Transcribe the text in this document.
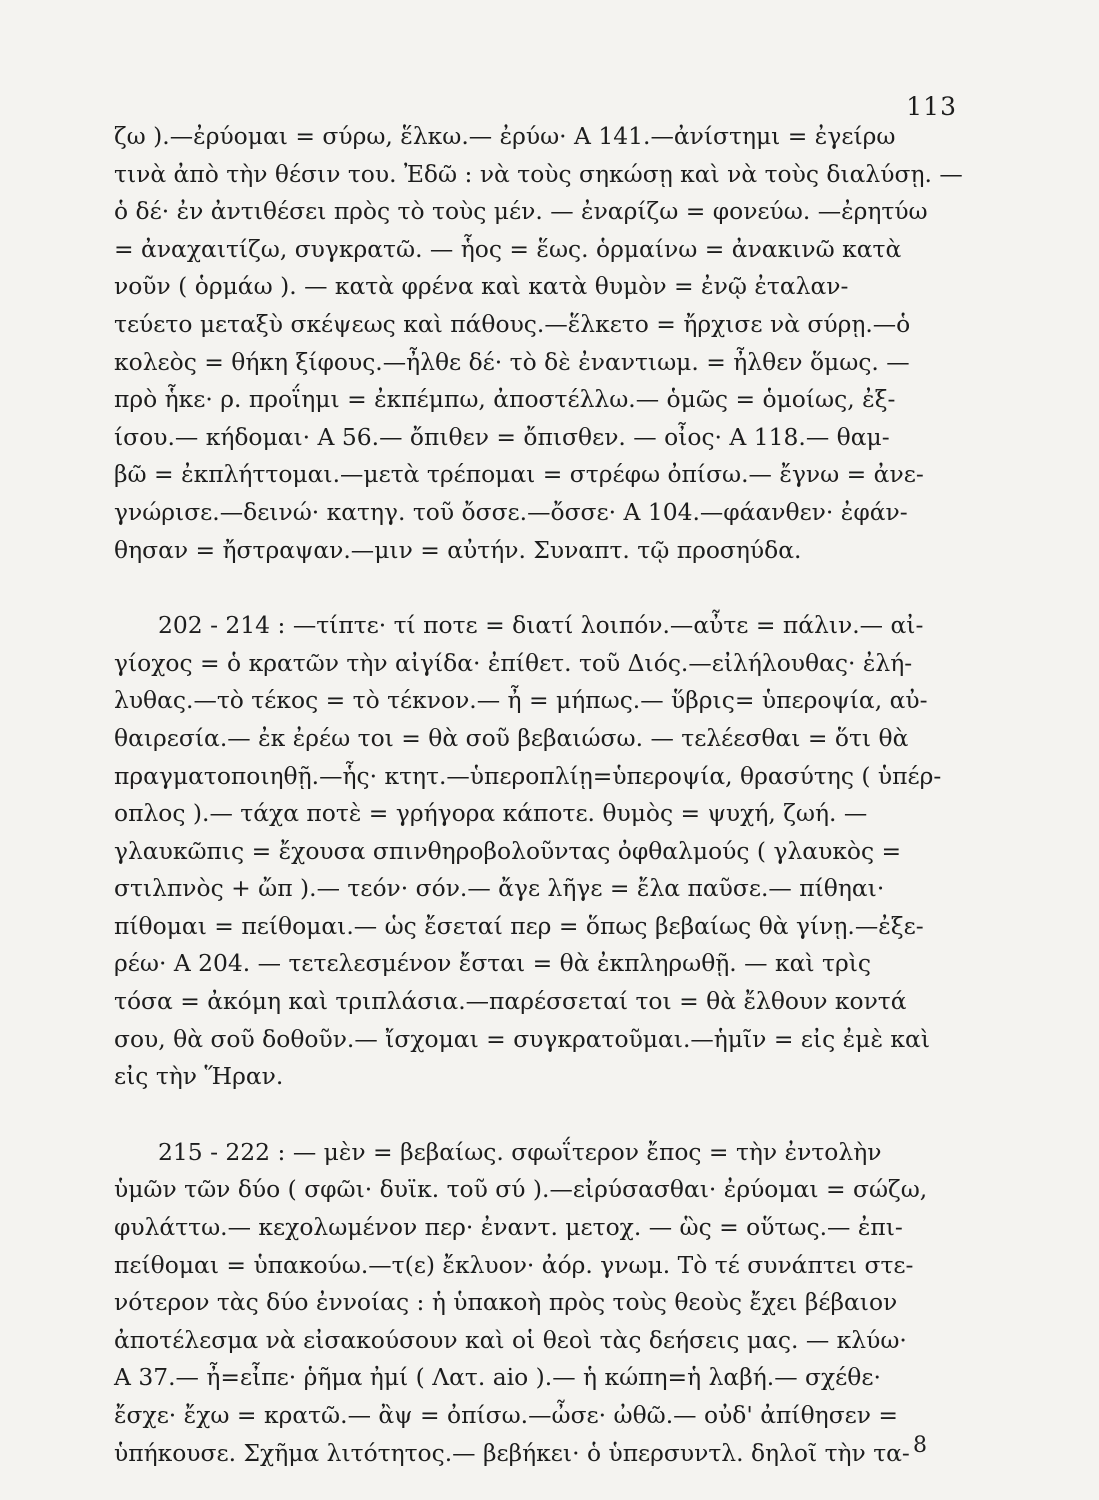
113

ζω ).—ἐρύομαι = σύρω, ἕλκω.— ἐρύω· Α 141.—ἀνίστημι = ἐγείρω
τινὰ ἀπὸ τὴν θέσιν του. Ἐδῶ : νὰ τοὺς σηκώσῃ καὶ νὰ τοὺς διαλύσῃ. —
ὁ δέ· ἐν ἀντιθέσει πρὸς τὸ τοὺς μέν. — ἐναρίζω = φονεύω. —ἐρητύω
= ἀναχαιτίζω, συγκρατῶ. — ἧος = ἕως. ὁρμαίνω = ἀνακινῶ κατὰ
νοῦν ( ὁρμάω ). — κατὰ φρένα καὶ κατὰ θυμὸν = ἐνῷ ἐταλαν-
τεύετο μεταξὺ σκέψεως καὶ πάθους.—ἕλκετο = ἤρχισε νὰ σύρῃ.—ὁ
κολεὸς = θήκη ξίφους.—ἦλθε δέ· τὸ δὲ ἐναντιωμ. = ἦλθεν ὅμως. —
πρὸ ἧκε· ρ. προΐημι = ἐκπέμπω, ἀποστέλλω.— ὁμῶς = ὁμοίως, ἐξ-
ίσου.— κήδομαι· Α 56.— ὄπιθεν = ὄπισθεν. — οἶος· Α 118.— θαμ-
βῶ = ἐκπλήττομαι.—μετὰ τρέπομαι = στρέφω ὀπίσω.— ἔγνω = ἀνε-
γνώρισε.—δεινώ· κατηγ. τοῦ ὄσσε.—ὄσσε· Α 104.—φάανθεν· ἐφάν-
θησαν = ἤστραψαν.—μιν = αὐτήν. Συναπτ. τῷ προσηύδα.

202 - 214 : —τίπτε· τί ποτε = διατί λοιπόν.—αὖτε = πάλιν.— αἰ-
γίοχος = ὁ κρατῶν τὴν αἰγίδα· ἐπίθετ. τοῦ Διός.—εἰλήλουθας· ἐλή-
λυθας.—τὸ τέκος = τὸ τέκνον.— ἦ = μήπως.— ὕβρις= ὑπεροψία, αὐ-
θαιρεσία.— ἐκ ἐρέω τοι = θὰ σοῦ βεβαιώσω. — τελέεσθαι = ὅτι θὰ
πραγματοποιηθῇ.—ἧς· κτητ.—ὑπεροπλίῃ=ὑπεροψία, θρασύτης ( ὑπέρ-
οπλος ).— τάχα ποτὲ = γρήγορα κάποτε. θυμὸς = ψυχή, ζωή. —
γλαυκῶπις = ἔχουσα σπινθηροβολοῦντας ὀφθαλμούς ( γλαυκὸς =
στιλπνὸς + ὤπ ).— τεόν· σόν.— ἄγε λῆγε = ἔλα παῦσε.— πίθηαι·
πίθομαι = πείθομαι.— ὡς ἔσεταί περ = ὅπως βεβαίως θὰ γίνῃ.—ἐξε-
ρέω· Α 204. — τετελεσμένον ἔσται = θὰ ἐκπληρωθῇ. — καὶ τρὶς
τόσα = ἀκόμη καὶ τριπλάσια.—παρέσσεταί τοι = θὰ ἔλθουν κοντά
σου, θὰ σοῦ δοθοῦν.— ἴσχομαι = συγκρατοῦμαι.—ἡμῖν = εἰς ἐμὲ καὶ
εἰς τὴν Ἥραν.

215 - 222 : — μὲν = βεβαίως. σφωΐτερον ἔπος = τὴν ἐντολὴν
ὑμῶν τῶν δύο ( σφῶι· δυϊκ. τοῦ σύ ).—εἰρύσασθαι· ἐρύομαι = σώζω,
φυλάττω.— κεχολωμένον περ· ἐναντ. μετοχ. — ὣς = οὕτως.— ἐπι-
πείθομαι = ὑπακούω.—τ(ε) ἔκλυον· ἀόρ. γνωμ. Τὸ τέ συνάπτει στε-
νότερον τὰς δύο ἐννοίας : ἡ ὑπακοὴ πρὸς τοὺς θεοὺς ἔχει βέβαιον
ἀποτέλεσμα νὰ εἰσακούσουν καὶ οἱ θεοὶ τὰς δεήσεις μας. — κλύω·
Α 37.— ἦ=εἶπε· ῥῆμα ἠμί ( Λατ. aio ).— ἡ κώπη=ἡ λαβή.— σχέθε·
ἔσχε· ἔχω = κρατῶ.— ἂψ = ὀπίσω.—ὦσε· ὠθῶ.— οὐδ' ἀπίθησεν =
ὑπήκουσε. Σχῆμα λιτότητος.— βεβήκει· ὁ ὑπερσυντλ. δηλοῖ τὴν τα- 8
